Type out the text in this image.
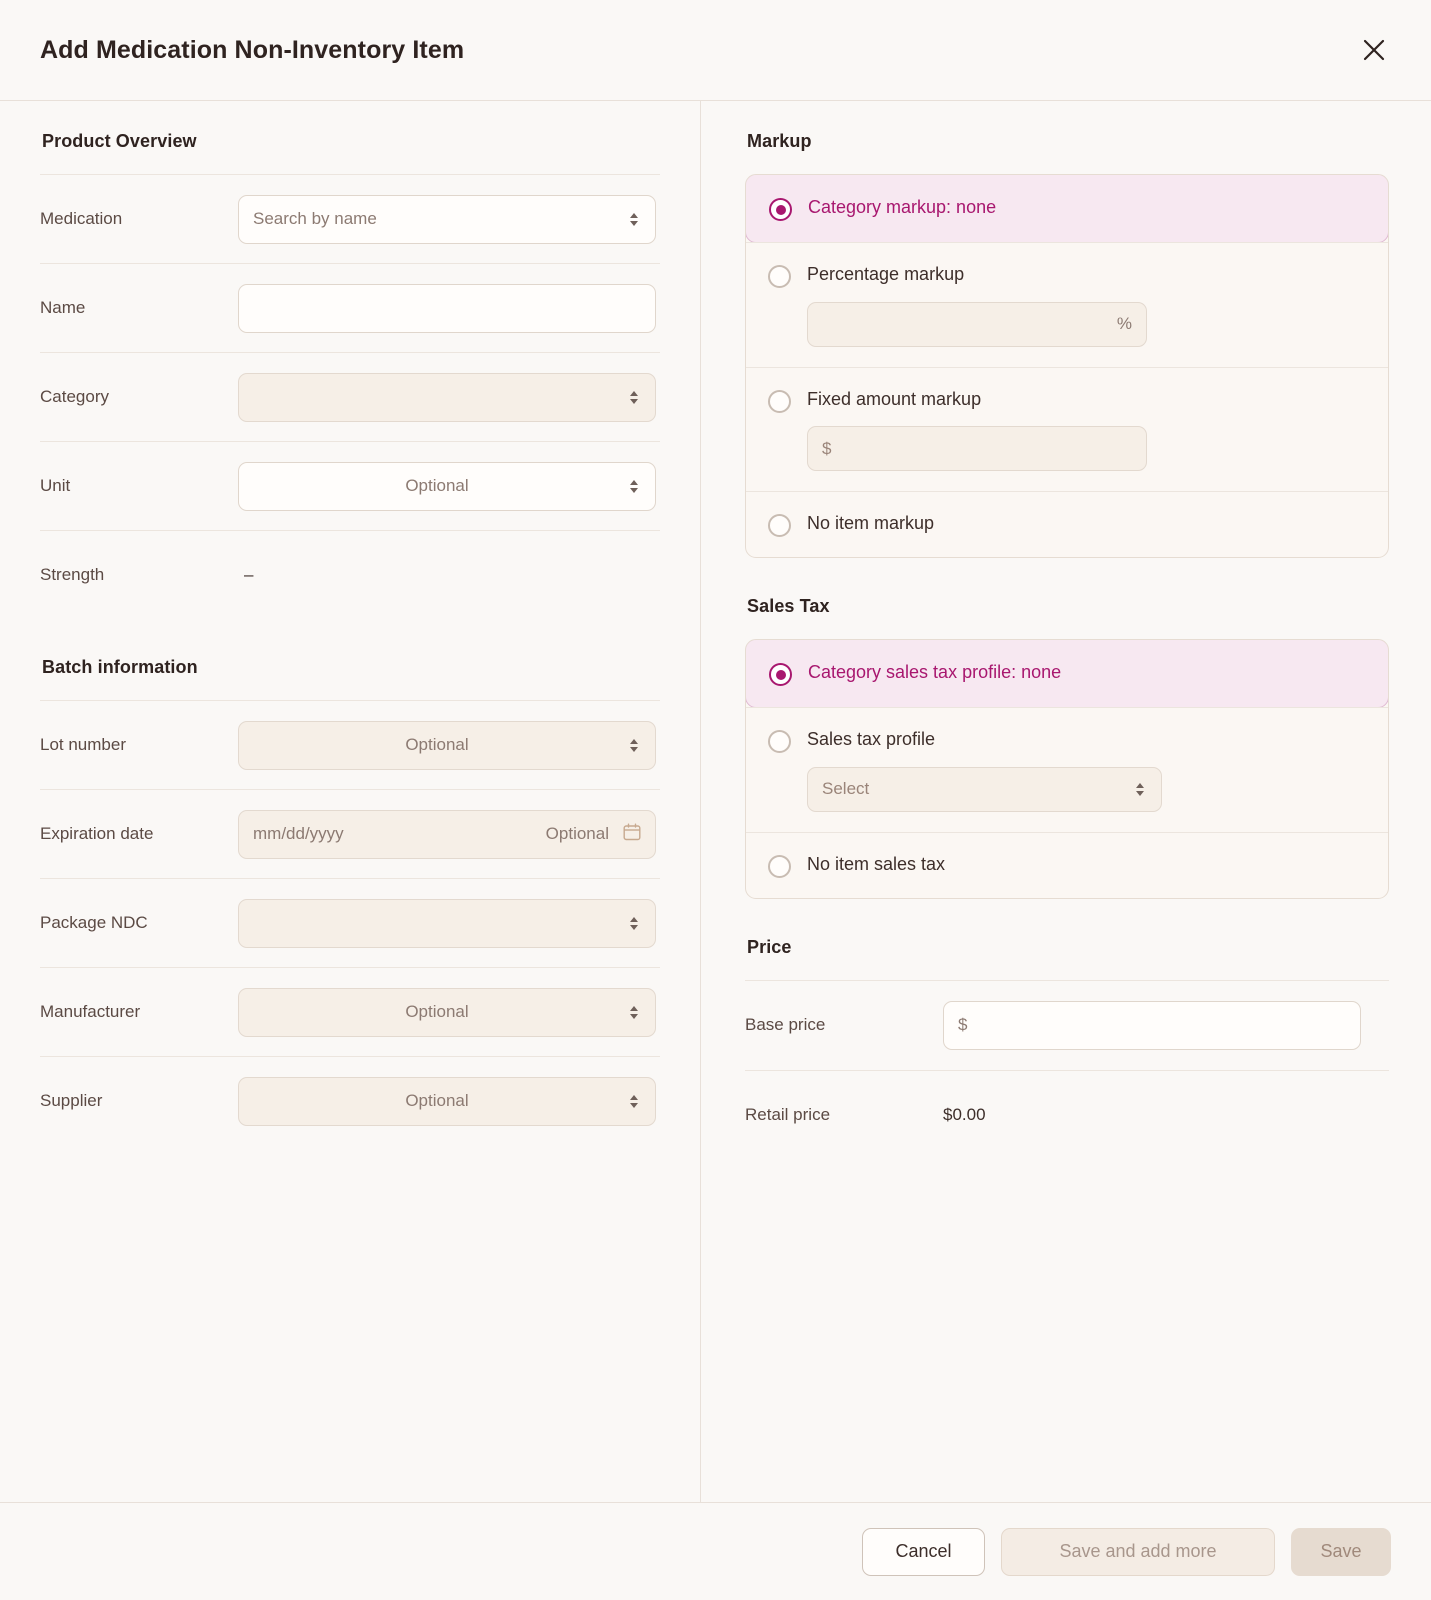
Add Medication Non-Inventory Item
Product Overview
Medication	Search by name
Name
Category
Unit	Optional
Strength	–
Batch information
Lot number	Optional
Expiration date	mm/dd/yyyy	Optional
Package NDC
Manufacturer	Optional
Supplier	Optional
Markup
Category markup: none
Percentage markup
%
Fixed amount markup
$
No item markup
Sales Tax
Category sales tax profile: none
Sales tax profile
Select
No item sales tax
Price
Base price	$
Retail price	$0.00
Cancel	Save and add more	Save
